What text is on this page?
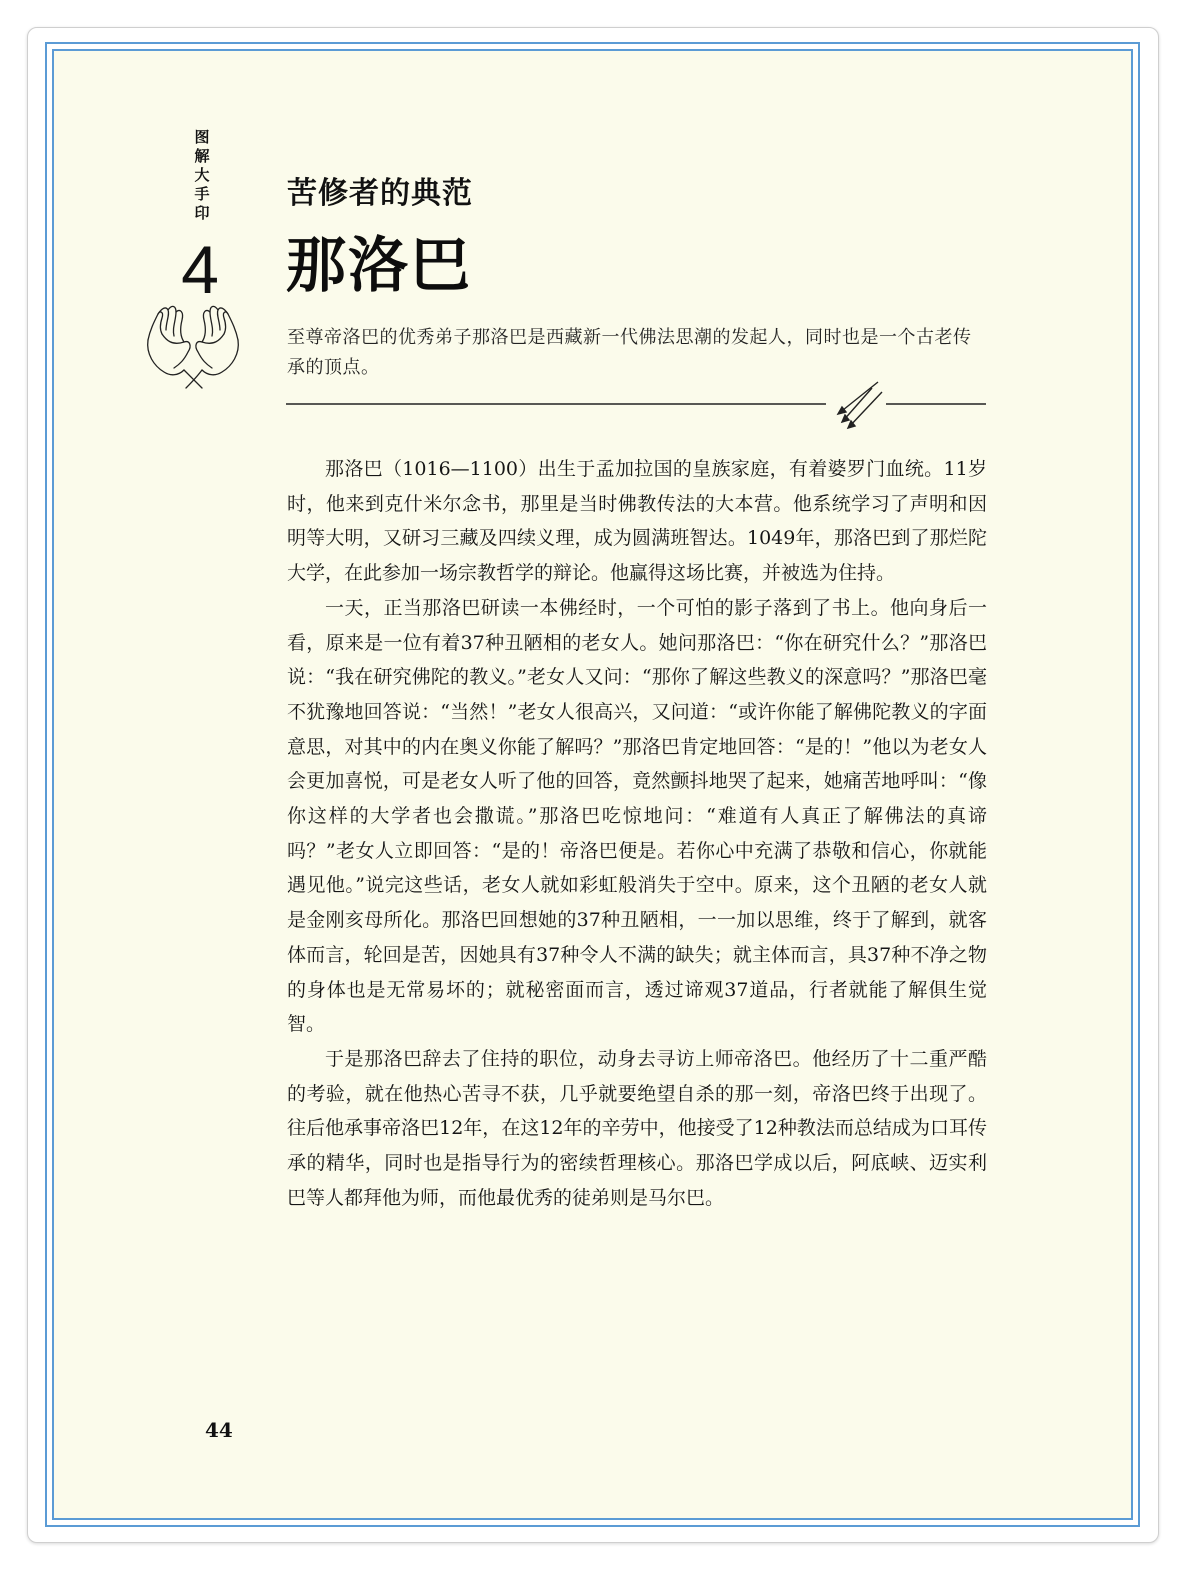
图解大手印
4
苦修者的典范
那洛巴
至尊帝洛巴的优秀弟子那洛巴是西藏新一代佛法思潮的发起人，同时也是一个古老传承的顶点。

那洛巴（1016—1100）出生于孟加拉国的皇族家庭，有着婆罗门血统。11岁时，他来到克什米尔念书，那里是当时佛教传法的大本营。他系统学习了声明和因明等大明，又研习三藏及四续义理，成为圆满班智达。1049年，那洛巴到了那烂陀大学，在此参加一场宗教哲学的辩论。他赢得这场比赛，并被选为住持。

一天，正当那洛巴研读一本佛经时，一个可怕的影子落到了书上。他向身后一看，原来是一位有着37种丑陋相的老女人。她问那洛巴：“你在研究什么？”那洛巴说：“我在研究佛陀的教义。”老女人又问：“那你了解这些教义的深意吗？”那洛巴毫不犹豫地回答说：“当然！”老女人很高兴，又问道：“或许你能了解佛陀教义的字面意思，对其中的内在奥义你能了解吗？”那洛巴肯定地回答：“是的！”他以为老女人会更加喜悦，可是老女人听了他的回答，竟然颤抖地哭了起来，她痛苦地呼叫：“像你这样的大学者也会撒谎。”那洛巴吃惊地问：“难道有人真正了解佛法的真谛吗？”老女人立即回答：“是的！帝洛巴便是。若你心中充满了恭敬和信心，你就能遇见他。”说完这些话，老女人就如彩虹般消失于空中。原来，这个丑陋的老女人就是金刚亥母所化。那洛巴回想她的37种丑陋相，一一加以思维，终于了解到，就客体而言，轮回是苦，因她具有37种令人不满的缺失；就主体而言，具37种不净之物的身体也是无常易坏的；就秘密面而言，透过谛观37道品，行者就能了解俱生觉智。

于是那洛巴辞去了住持的职位，动身去寻访上师帝洛巴。他经历了十二重严酷的考验，就在他热心苦寻不获，几乎就要绝望自杀的那一刻，帝洛巴终于出现了。往后他承事帝洛巴12年，在这12年的辛劳中，他接受了12种教法而总结成为口耳传承的精华，同时也是指导行为的密续哲理核心。那洛巴学成以后，阿底峡、迈实利巴等人都拜他为师，而他最优秀的徒弟则是马尔巴。

44
